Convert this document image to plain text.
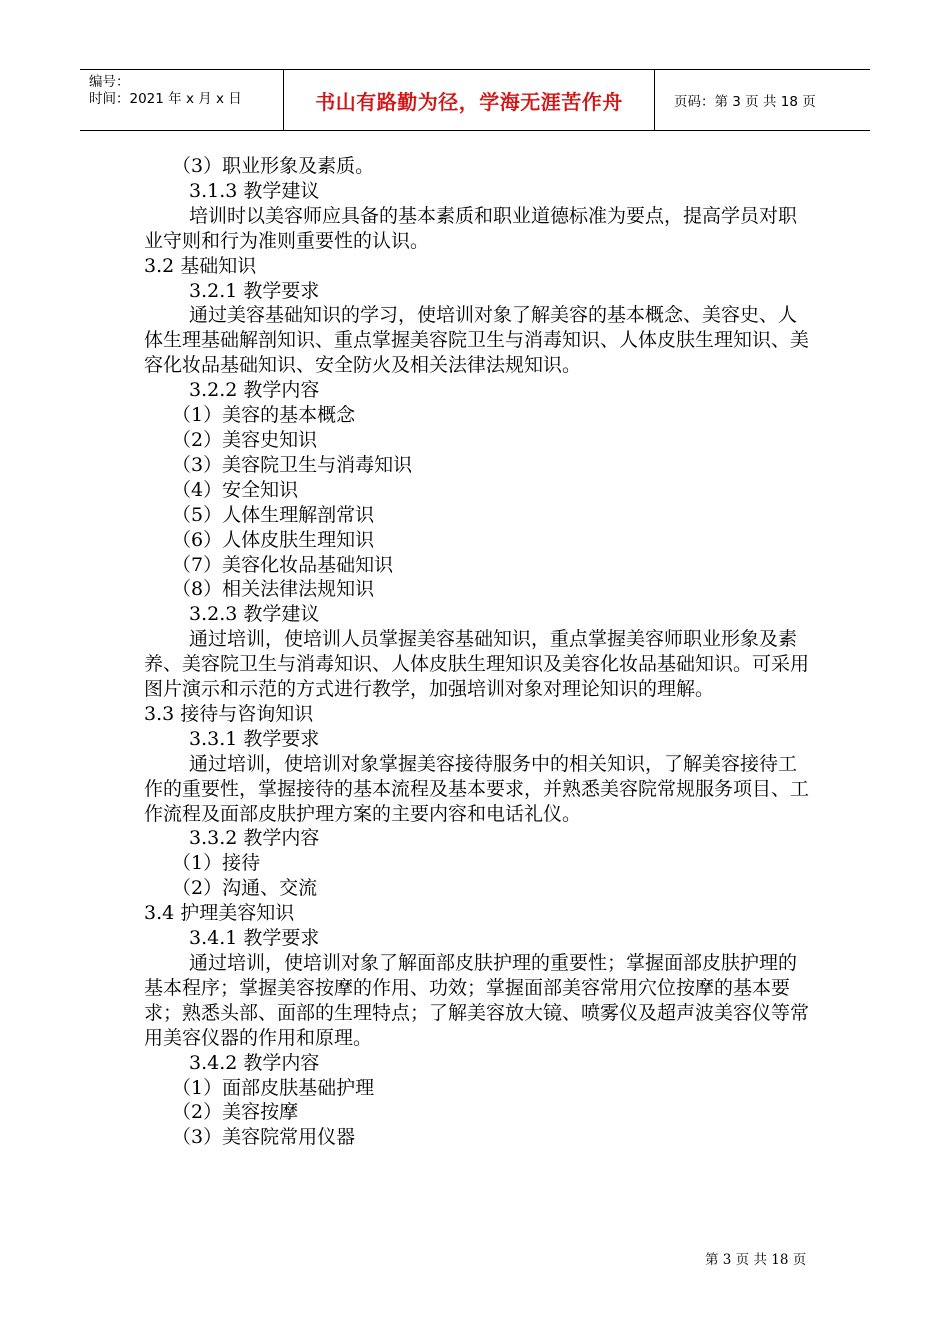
编号：
时间：2021 年 x 月 x 日	书山有路勤为径，学海无涯苦作舟	页码：第 3 页 共 18 页

（3）职业形象及素质。

3.1.3 教学建议

培训时以美容师应具备的基本素质和职业道德标准为要点，提高学员对职业守则和行为准则重要性的认识。

3.2 基础知识

3.2.1 教学要求

通过美容基础知识的学习，使培训对象了解美容的基本概念、美容史、人体生理基础解剖知识、重点掌握美容院卫生与消毒知识、人体皮肤生理知识、美容化妆品基础知识、安全防火及相关法律法规知识。

3.2.2 教学内容

（1）美容的基本概念

（2）美容史知识

（3）美容院卫生与消毒知识

（4）安全知识

（5）人体生理解剖常识

（6）人体皮肤生理知识

（7）美容化妆品基础知识

（8）相关法律法规知识

3.2.3 教学建议

通过培训，使培训人员掌握美容基础知识，重点掌握美容师职业形象及素养、美容院卫生与消毒知识、人体皮肤生理知识及美容化妆品基础知识。可采用图片演示和示范的方式进行教学，加强培训对象对理论知识的理解。

3.3 接待与咨询知识

3.3.1 教学要求

通过培训，使培训对象掌握美容接待服务中的相关知识，了解美容接待工作的重要性，掌握接待的基本流程及基本要求，并熟悉美容院常规服务项目、工作流程及面部皮肤护理方案的主要内容和电话礼仪。

3.3.2 教学内容

（1）接待

（2）沟通、交流

3.4 护理美容知识

3.4.1 教学要求

通过培训，使培训对象了解面部皮肤护理的重要性；掌握面部皮肤护理的基本程序；掌握美容按摩的作用、功效；掌握面部美容常用穴位按摩的基本要求；熟悉头部、面部的生理特点；了解美容放大镜、喷雾仪及超声波美容仪等常用美容仪器的作用和原理。

3.4.2 教学内容

（1）面部皮肤基础护理

（2）美容按摩

（3）美容院常用仪器

第 3 页 共 18 页
